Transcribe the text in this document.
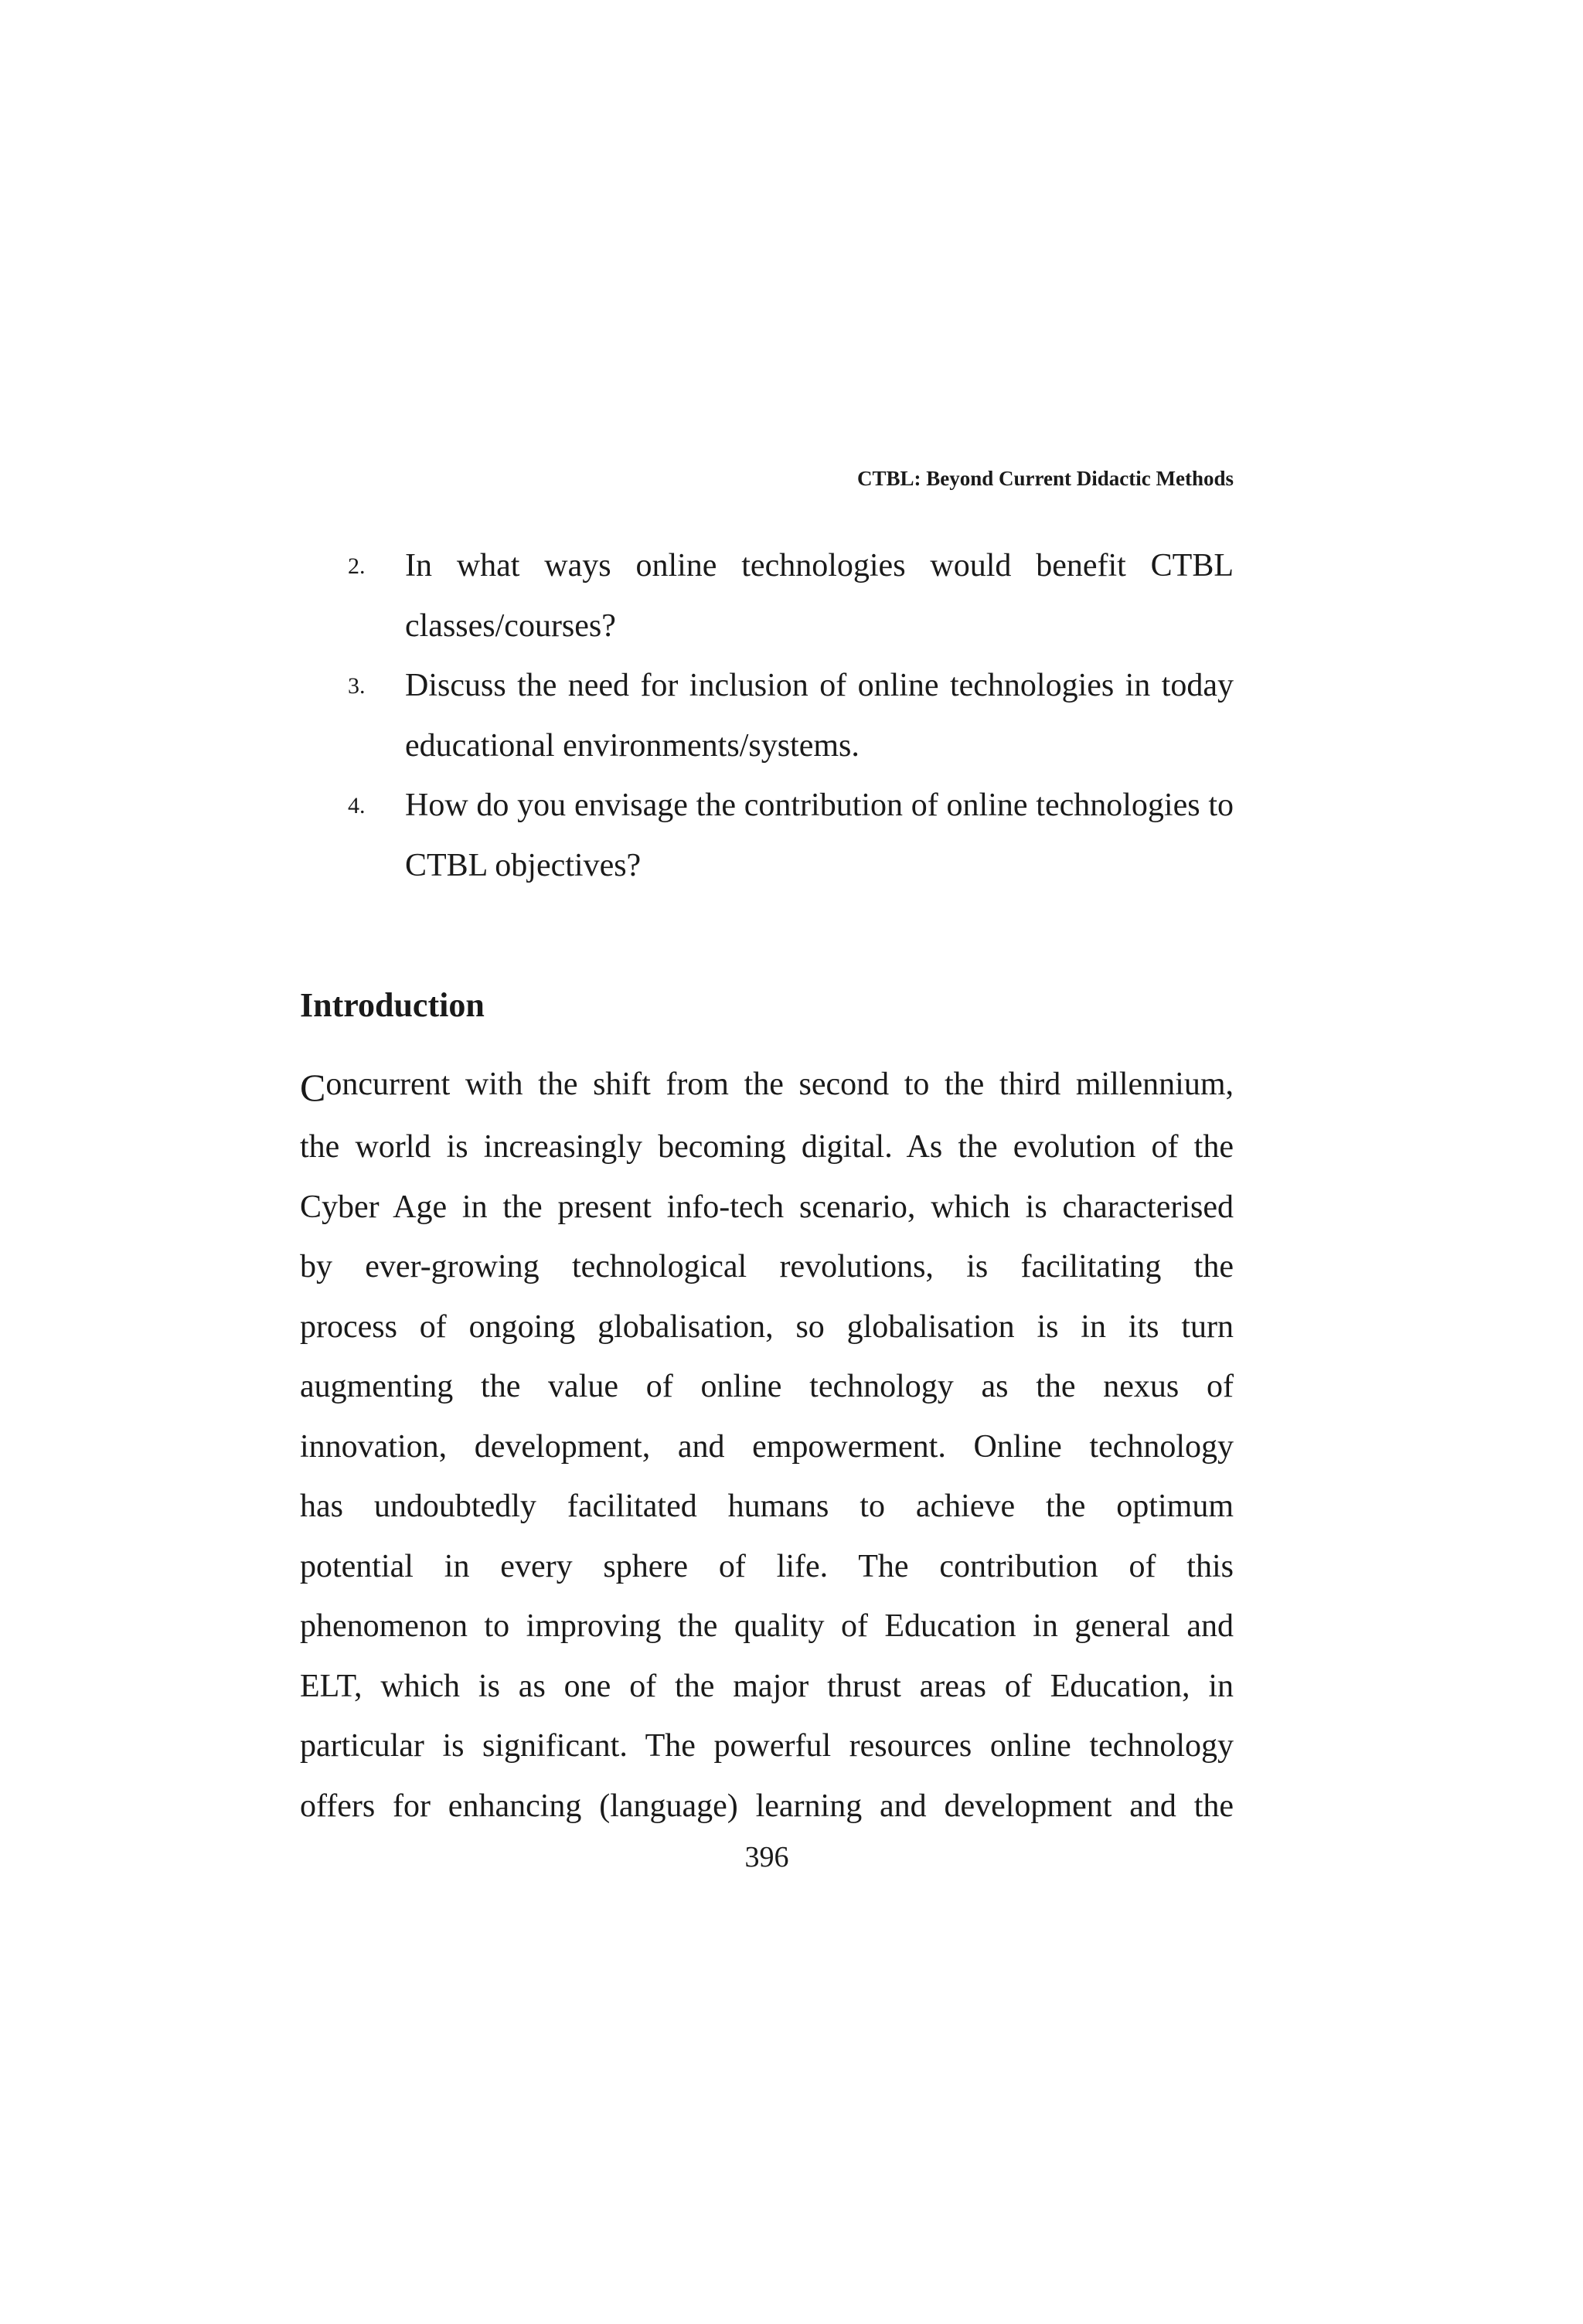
CTBL: Beyond Current Didactic Methods
2. In what ways online technologies would benefit CTBL classes/courses?
3. Discuss the need for inclusion of online technologies in today educational environments/systems.
4. How do you envisage the contribution of online technologies to CTBL objectives?
Introduction
Concurrent with the shift from the second to the third millennium,
the world is increasingly becoming digital. As the evolution of the
Cyber Age in the present info-tech scenario, which is characterised
by ever-growing technological revolutions, is facilitating the
process of ongoing globalisation, so globalisation is in its turn
augmenting the value of online technology as the nexus of
innovation, development, and empowerment. Online technology
has undoubtedly facilitated humans to achieve the optimum
potential in every sphere of life. The contribution of this
phenomenon to improving the quality of Education in general and
ELT, which is as one of the major thrust areas of Education, in
particular is significant. The powerful resources online technology
offers for enhancing (language) learning and development and the
396
